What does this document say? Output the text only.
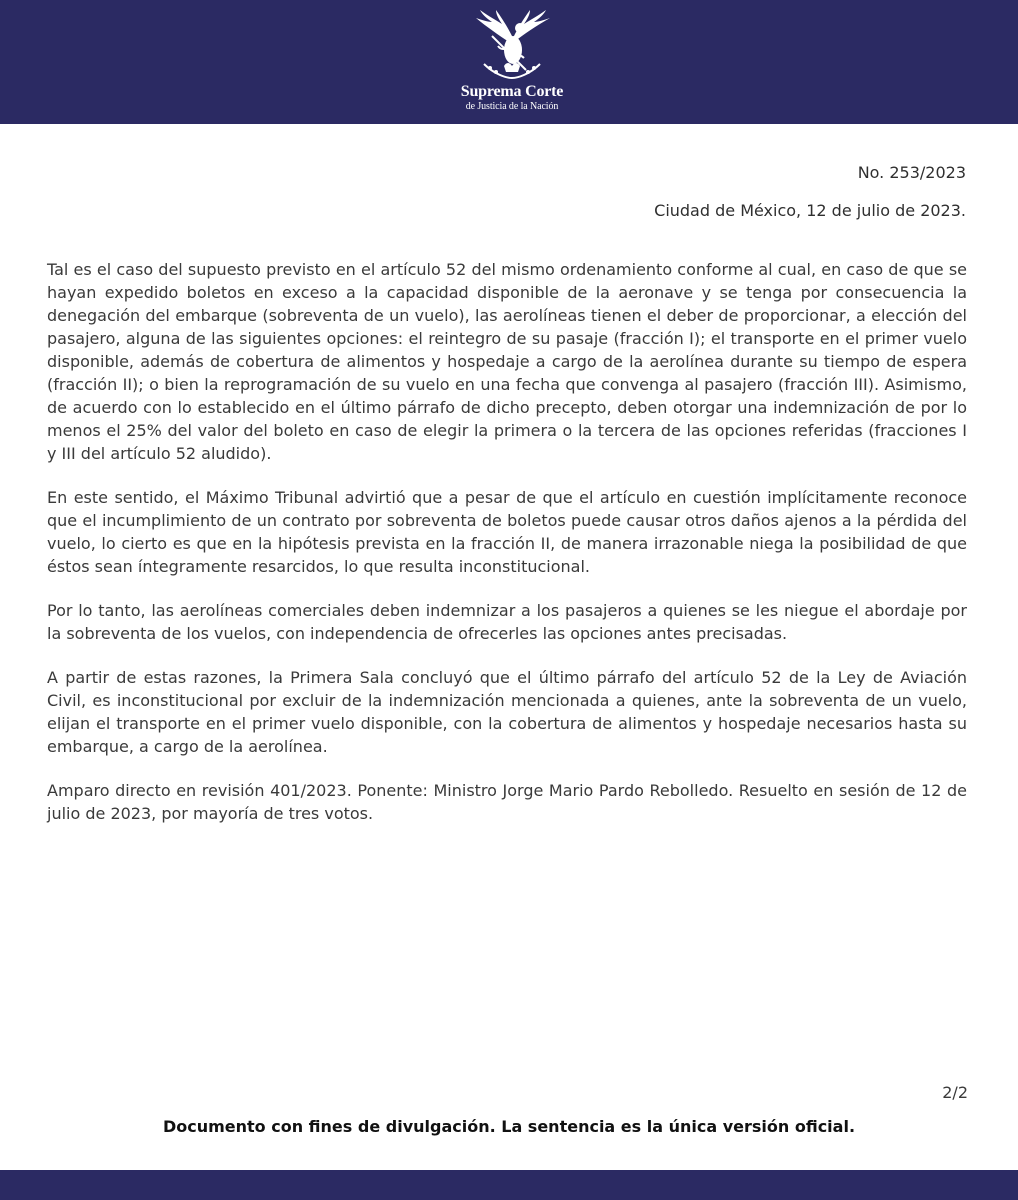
Suprema Corte
de Justicia de la Nación
No. 253/2023
Ciudad de México, 12 de julio de 2023.

Tal es el caso del supuesto previsto en el artículo 52 del mismo ordenamiento conforme al cual, en caso de que se hayan expedido boletos en exceso a la capacidad disponible de la aeronave y se tenga por consecuencia la denegación del embarque (sobreventa de un vuelo), las aerolíneas tienen el deber de proporcionar, a elección del pasajero, alguna de las siguientes opciones: el reintegro de su pasaje (fracción I); el transporte en el primer vuelo disponible, además de cobertura de alimentos y hospedaje a cargo de la aerolínea durante su tiempo de espera (fracción II); o bien la reprogramación de su vuelo en una fecha que convenga al pasajero (fracción III). Asimismo, de acuerdo con lo establecido en el último párrafo de dicho precepto, deben otorgar una indemnización de por lo menos el 25% del valor del boleto en caso de elegir la primera o la tercera de las opciones referidas (fracciones I y III del artículo 52 aludido).

En este sentido, el Máximo Tribunal advirtió que a pesar de que el artículo en cuestión implícitamente reconoce que el incumplimiento de un contrato por sobreventa de boletos puede causar otros daños ajenos a la pérdida del vuelo, lo cierto es que en la hipótesis prevista en la fracción II, de manera irrazonable niega la posibilidad de que éstos sean íntegramente resarcidos, lo que resulta inconstitucional.

Por lo tanto, las aerolíneas comerciales deben indemnizar a los pasajeros a quienes se les niegue el abordaje por la sobreventa de los vuelos, con independencia de ofrecerles las opciones antes precisadas.

A partir de estas razones, la Primera Sala concluyó que el último párrafo del artículo 52 de la Ley de Aviación Civil, es inconstitucional por excluir de la indemnización mencionada a quienes, ante la sobreventa de un vuelo, elijan el transporte en el primer vuelo disponible, con la cobertura de alimentos y hospedaje necesarios hasta su embarque, a cargo de la aerolínea.

Amparo directo en revisión 401/2023. Ponente: Ministro Jorge Mario Pardo Rebolledo. Resuelto en sesión de 12 de julio de 2023, por mayoría de tres votos.

2/2
Documento con fines de divulgación. La sentencia es la única versión oficial.
